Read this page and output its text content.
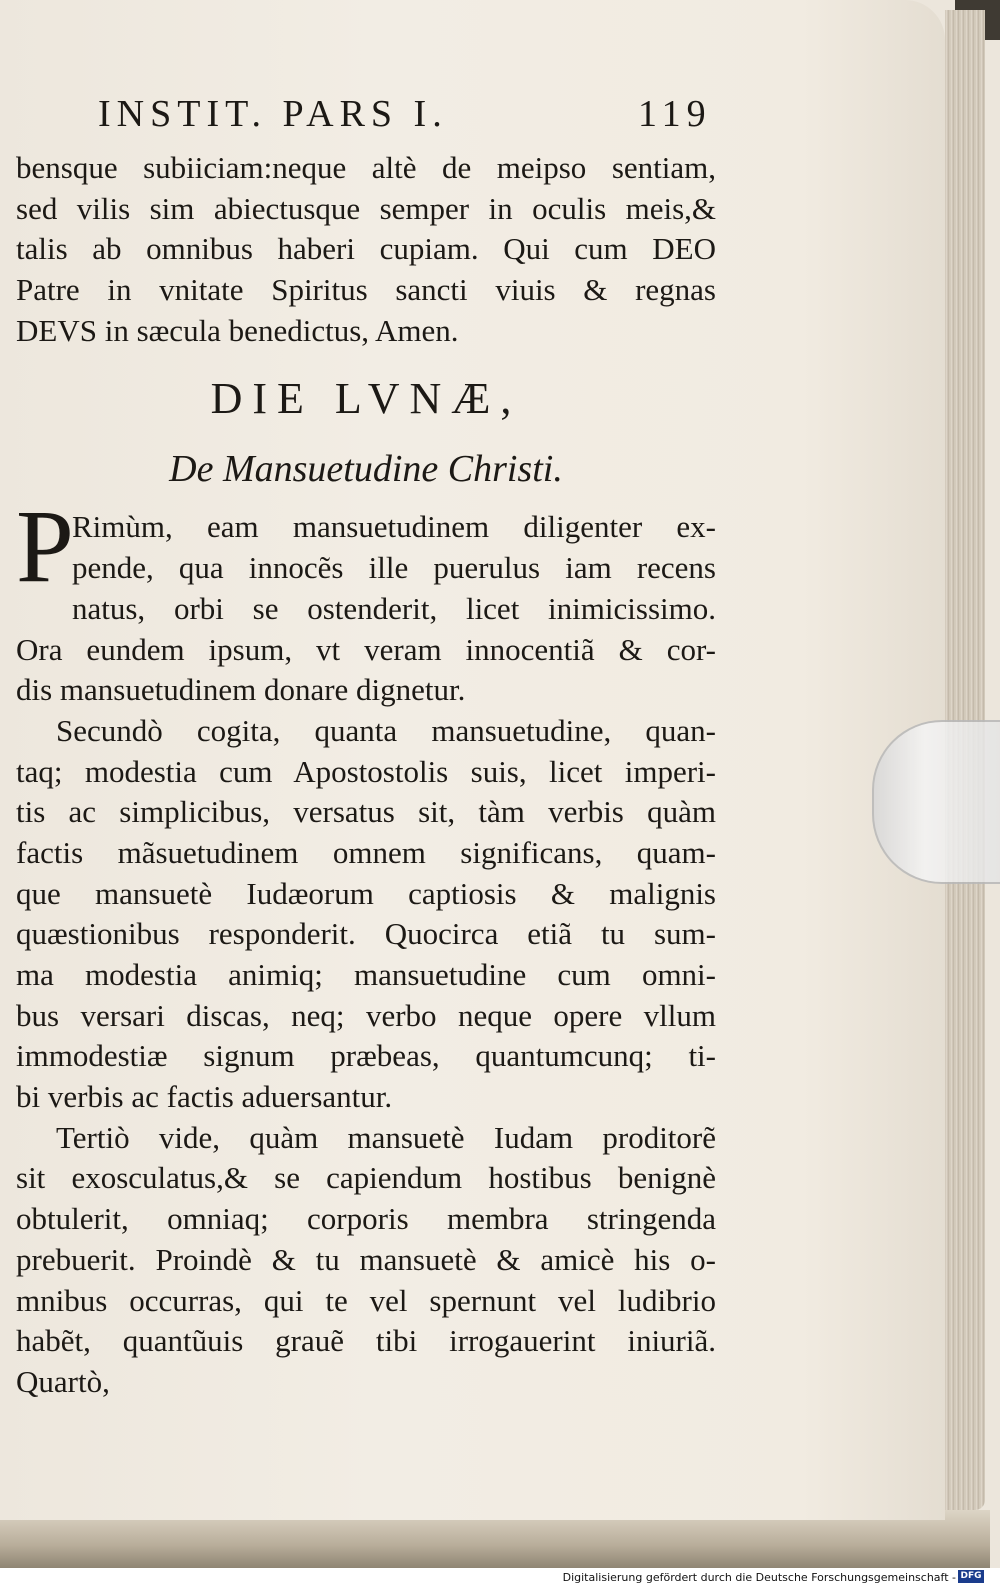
INSTIT. PARS I.	119
bensque subiiciam:neque altè de meipso sentiam,
sed vilis sim abiectusque semper in oculis meis,&
talis ab omnibus haberi cupiam. Qui cum DEO
Patre in vnitate Spiritus sancti viuis & regnas
DEVS in sæcula benedictus, Amen.
DIE LVNÆ,
De Mansuetudine Christi.
P
Rimùm, eam mansuetudinem diligenter ex-
pende, qua innocẽs ille puerulus iam recens
natus, orbi se ostenderit, licet inimicissimo.
Ora eundem ipsum, vt veram innocentiã & cor-
dis mansuetudinem donare dignetur.
Secundò cogita, quanta mansuetudine, quan-
taq; modestia cum Apostostolis suis, licet imperi-
tis ac simplicibus, versatus sit, tàm verbis quàm
factis mãsuetudinem omnem significans, quam-
que mansuetè Iudæorum captiosis & malignis
quæstionibus responderit. Quocirca etiã tu sum-
ma modestia animiq; mansuetudine cum omni-
bus versari discas, neq; verbo neque opere vllum
immodestiæ signum præbeas, quantumcunq; ti-
bi verbis ac factis aduersantur.
Tertiò vide, quàm mansuetè Iudam proditorẽ
sit exosculatus,& se capiendum hostibus benignè
obtulerit, omniaq; corporis membra stringenda
prebuerit. Proindè & tu mansuetè & amicè his o-
mnibus occurras, qui te vel spernunt vel ludibrio
habẽt, quantũuis grauẽ tibi irrogauerint iniuriã.
Quartò,
Digitalisierung gefördert durch die Deutsche Forschungsgemeinschaft - DFG
